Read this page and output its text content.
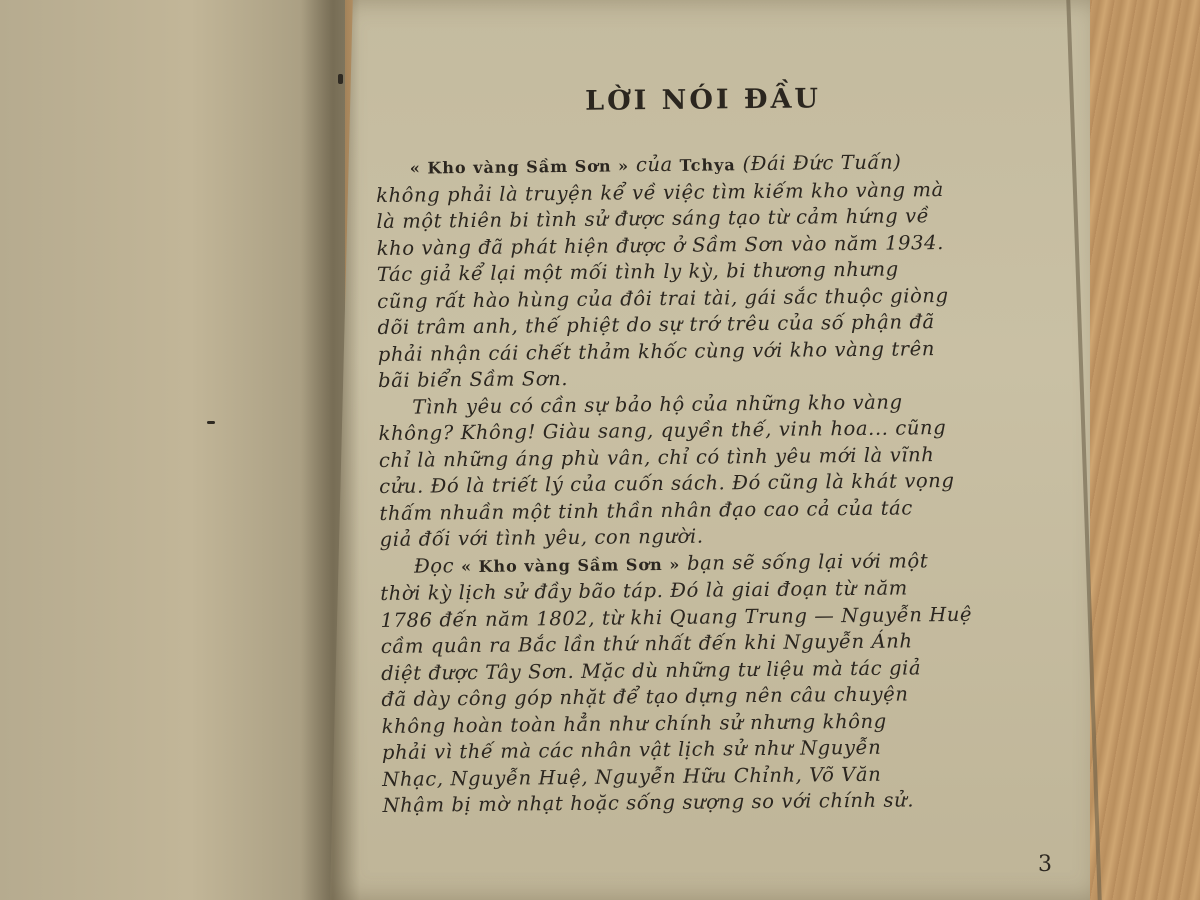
LỜI NÓI ĐẦU
« Kho vàng Sầm Sơn » của Tchya (Đái Đức Tuấn)
không phải là truyện kể về việc tìm kiếm kho vàng mà
là một thiên bi tình sử được sáng tạo từ cảm hứng về
kho vàng đã phát hiện được ở Sầm Sơn vào năm 1934.
Tác giả kể lại một mối tình ly kỳ, bi thương nhưng
cũng rất hào hùng của đôi trai tài, gái sắc thuộc giòng
dõi trâm anh, thế phiệt do sự trớ trêu của số phận đã
phải nhận cái chết thảm khốc cùng với kho vàng trên
bãi biển Sầm Sơn.
Tình yêu có cần sự bảo hộ của những kho vàng
không? Không! Giàu sang, quyền thế, vinh hoa... cũng
chỉ là những áng phù vân, chỉ có tình yêu mới là vĩnh
cửu. Đó là triết lý của cuốn sách. Đó cũng là khát vọng
thấm nhuần một tinh thần nhân đạo cao cả của tác
giả đối với tình yêu, con người.
Đọc « Kho vàng Sầm Sơn » bạn sẽ sống lại với một
thời kỳ lịch sử đầy bão táp. Đó là giai đoạn từ năm
1786 đến năm 1802, từ khi Quang Trung — Nguyễn Huệ
cầm quân ra Bắc lần thứ nhất đến khi Nguyễn Ánh
diệt được Tây Sơn. Mặc dù những tư liệu mà tác giả
đã dày công góp nhặt để tạo dựng nên câu chuyện
không hoàn toàn hẳn như chính sử nhưng không
phải vì thế mà các nhân vật lịch sử như Nguyễn
Nhạc, Nguyễn Huệ, Nguyễn Hữu Chỉnh, Võ Văn
Nhậm bị mờ nhạt hoặc sống sượng so với chính sử.
3
